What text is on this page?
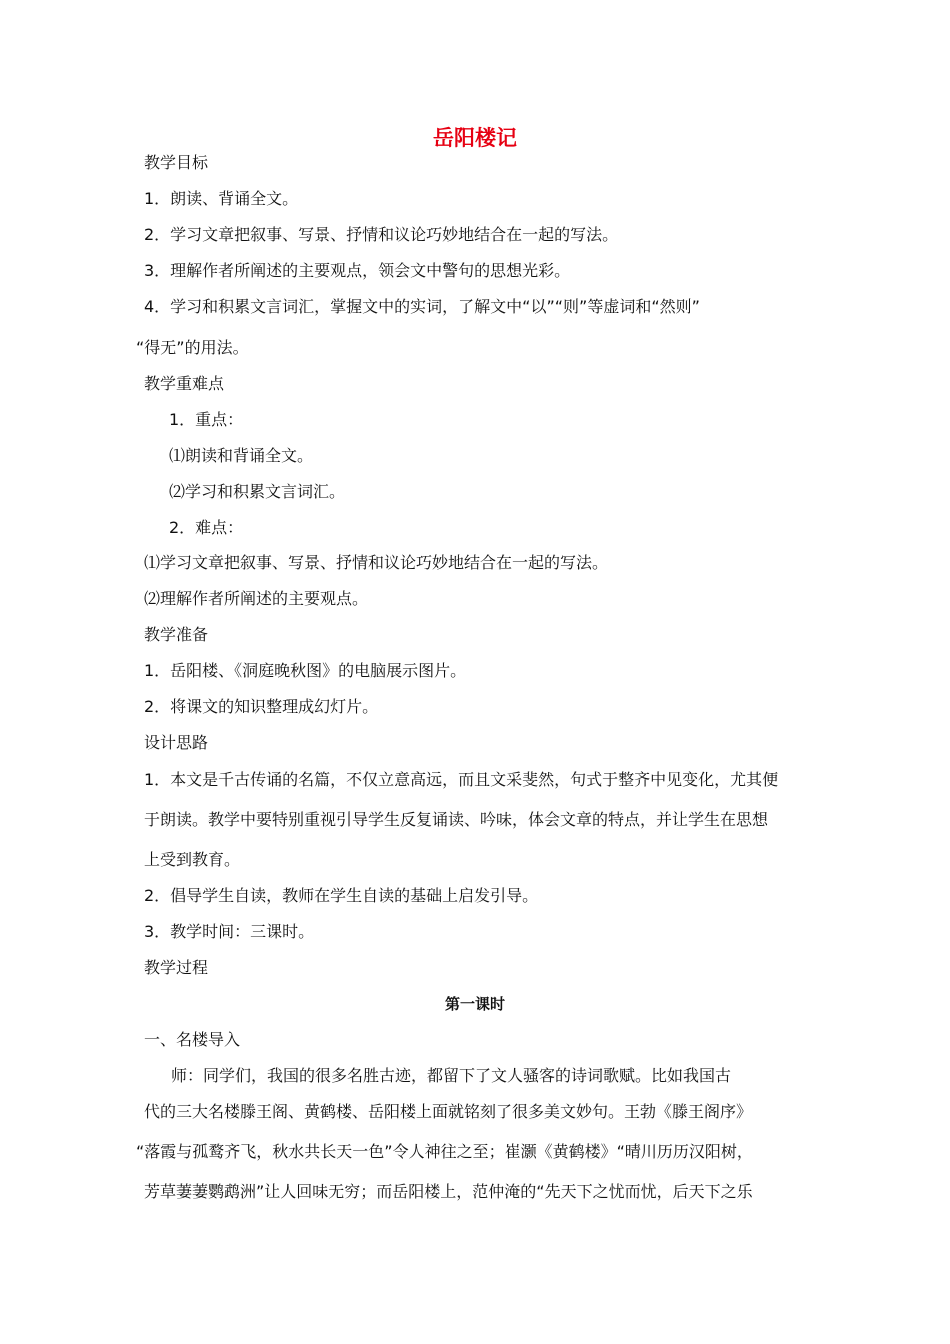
岳阳楼记
教学目标
1．朗读、背诵全文。
2．学习文章把叙事、写景、抒情和议论巧妙地结合在一起的写法。
3．理解作者所阐述的主要观点，领会文中警句的思想光彩。
4．学习和积累文言词汇，掌握文中的实词，了解文中“以”“则”等虚词和“然则”
“得无”的用法。
教学重难点
1．重点：
⑴朗读和背诵全文。
⑵学习和积累文言词汇。
2．难点：
⑴学习文章把叙事、写景、抒情和议论巧妙地结合在一起的写法。
⑵理解作者所阐述的主要观点。
教学准备
1．岳阳楼、《洞庭晚秋图》的电脑展示图片。
2．将课文的知识整理成幻灯片。
设计思路
1．本文是千古传诵的名篇，不仅立意高远，而且文采斐然，句式于整齐中见变化，尤其便
于朗读。教学中要特别重视引导学生反复诵读、吟味，体会文章的特点，并让学生在思想
上受到教育。
2．倡导学生自读，教师在学生自读的基础上启发引导。
3．教学时间：三课时。
教学过程
第一课时
一、名楼导入
师：同学们，我国的很多名胜古迹，都留下了文人骚客的诗词歌赋。比如我国古
代的三大名楼滕王阁、黄鹤楼、岳阳楼上面就铭刻了很多美文妙句。王勃《滕王阁序》
“落霞与孤鹜齐飞，秋水共长天一色”令人神往之至；崔灏《黄鹤楼》“晴川历历汉阳树，
芳草萋萋鹦鹉洲”让人回味无穷；而岳阳楼上，范仲淹的“先天下之忧而忧，后天下之乐
